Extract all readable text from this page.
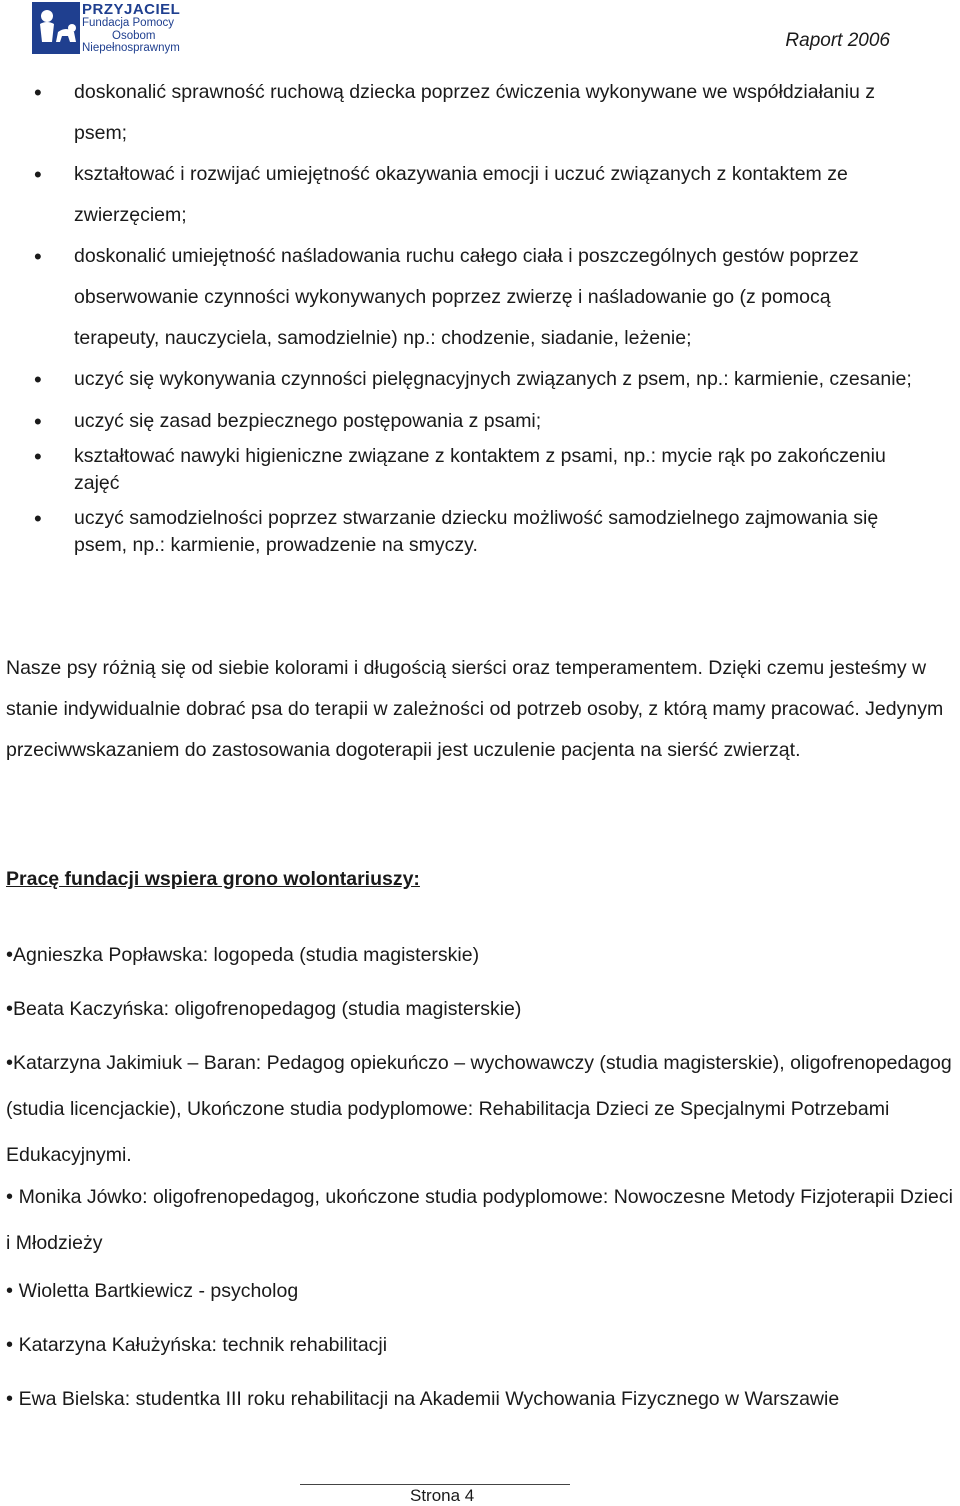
PRZYJACIEL
Fundacja Pomocy
Osobom
Niepełnosprawnym	Raport 2006
• doskonalić sprawność ruchową dziecka poprzez ćwiczenia wykonywane we współdziałaniu z psem;
• kształtować i rozwijać umiejętność okazywania emocji i uczuć związanych z kontaktem ze zwierzęciem;
• doskonalić umiejętność naśladowania ruchu całego ciała i poszczególnych gestów poprzez obserwowanie czynności wykonywanych poprzez zwierzę i naśladowanie go (z pomocą terapeuty, nauczyciela, samodzielnie) np.: chodzenie, siadanie, leżenie;
• uczyć się wykonywania czynności pielęgnacyjnych związanych z psem, np.: karmienie, czesanie;
• uczyć się zasad bezpiecznego postępowania z psami;
• kształtować nawyki higieniczne związane z kontaktem z psami, np.: mycie rąk po zakończeniu zajęć
• uczyć samodzielności poprzez stwarzanie dziecku możliwość samodzielnego zajmowania się psem, np.: karmienie, prowadzenie na smyczy.

Nasze psy różnią się od siebie kolorami i długością sierści oraz temperamentem. Dzięki czemu jesteśmy w stanie indywidualnie dobrać psa do terapii w zależności od potrzeb osoby, z którą mamy pracować. Jedynym przeciwwskazaniem do zastosowania dogoterapii jest uczulenie pacjenta na sierść zwierząt.

Pracę fundacji wspiera grono wolontariuszy:

•Agnieszka Popławska: logopeda (studia magisterskie)

•Beata Kaczyńska: oligofrenopedagog (studia magisterskie)

•Katarzyna Jakimiuk – Baran: Pedagog opiekuńczo – wychowawczy (studia magisterskie), oligofrenopedagog (studia licencjackie), Ukończone studia podyplomowe: Rehabilitacja Dzieci ze Specjalnymi Potrzebami Edukacyjnymi.

• Monika Jówko: oligofrenopedagog, ukończone studia podyplomowe: Nowoczesne Metody Fizjoterapii Dzieci i Młodzieży

• Wioletta Bartkiewicz - psycholog

• Katarzyna Kałużyńska: technik rehabilitacji

• Ewa Bielska: studentka III roku rehabilitacji na Akademii Wychowania Fizycznego w Warszawie

Strona 4
